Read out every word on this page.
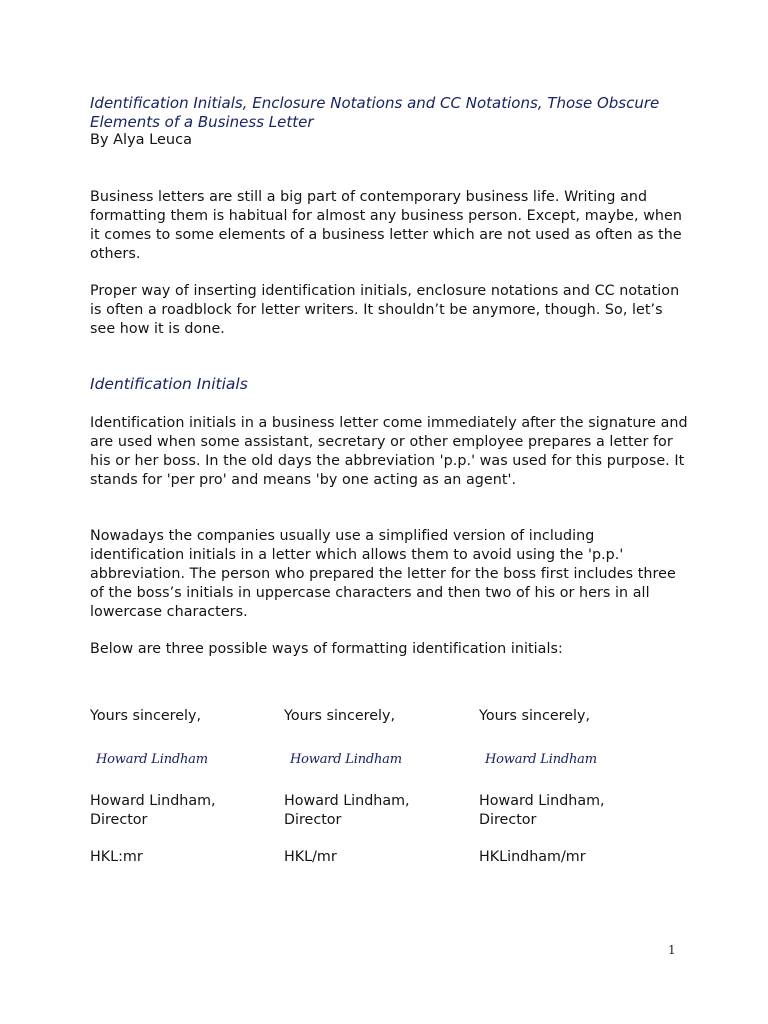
Identification Initials, Enclosure Notations and CC Notations, Those Obscure Elements of a Business Letter
By Alya Leuca

Business letters are still a big part of contemporary business life. Writing and formatting them is habitual for almost any business person. Except, maybe, when it comes to some elements of a business letter which are not used as often as the others.

Proper way of inserting identification initials, enclosure notations and CC notation is often a roadblock for letter writers. It shouldn’t be anymore, though. So, let’s see how it is done.

Identification Initials

Identification initials in a business letter come immediately after the signature and are used when some assistant, secretary or other employee prepares a letter for his or her boss. In the old days the abbreviation 'p.p.' was used for this purpose. It stands for 'per pro' and means 'by one acting as an agent'.

Nowadays the companies usually use a simplified version of including identification initials in a letter which allows them to avoid using the 'p.p.' abbreviation. The person who prepared the letter for the boss first includes three of the boss’s initials in uppercase characters and then two of his or hers in all lowercase characters.

Below are three possible ways of formatting identification initials:

Yours sincerely,
Howard Lindham
Howard Lindham,
Director
HKL:mr
Yours sincerely,
Howard Lindham
Howard Lindham,
Director
HKL/mr
Yours sincerely,
Howard Lindham
Howard Lindham,
Director
HKLindham/mr
1
